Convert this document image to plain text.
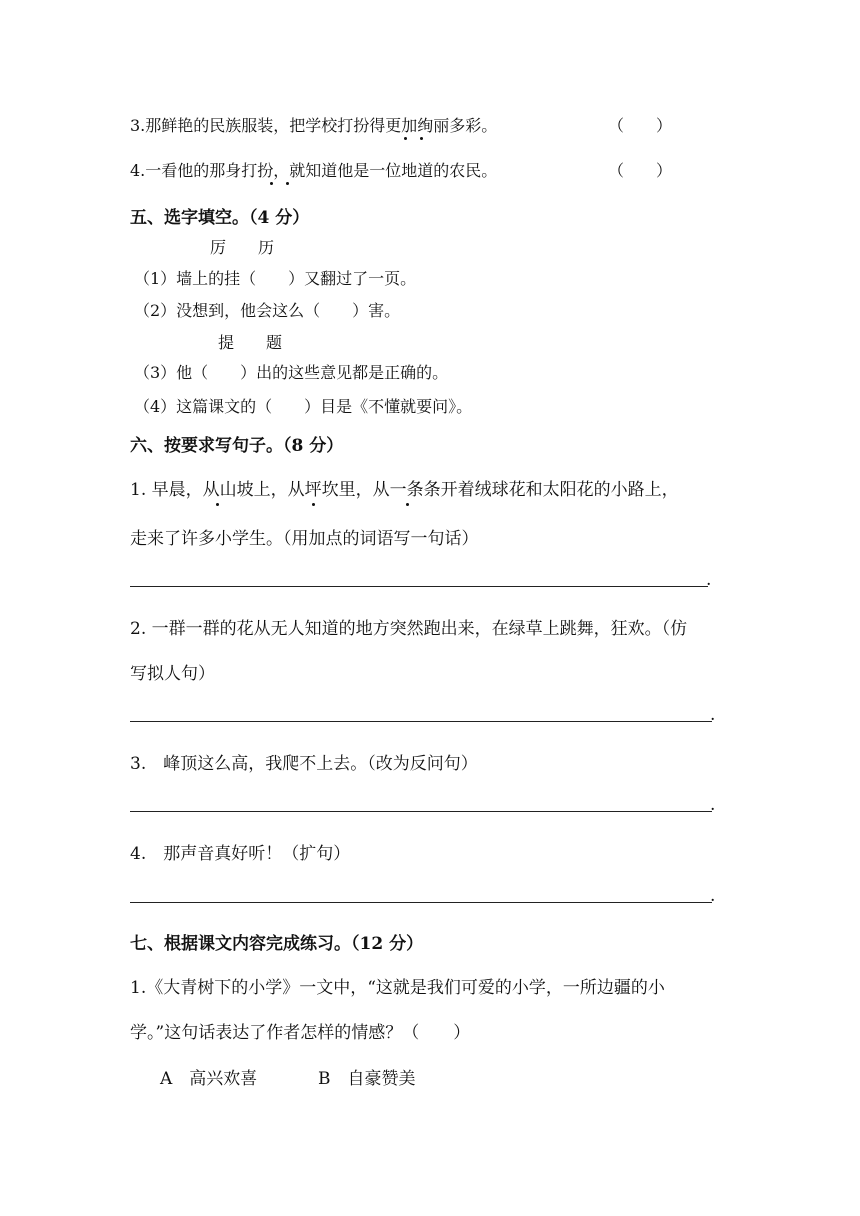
3.那鲜艳的民族服装，把学校打扮得更加绚丽多彩。	（　　）
4.一看他的那身打扮，就知道他是一位地道的农民。	（　　）
五、选字填空。（4 分）
厉　　历
（1）墙上的挂（　　）又翻过了一页。
（2）没想到，他会这么（　　）害。
提　　题
（3）他（　　）出的这些意见都是正确的。
（4）这篇课文的（　　）目是《不懂就要问》。
六、按要求写句子。（8 分）
1. 早晨，从山坡上，从坪坎里，从一条条开着绒球花和太阳花的小路上，
走来了许多小学生。（用加点的词语写一句话）
.
2. 一群一群的花从无人知道的地方突然跑出来，在绿草上跳舞，狂欢。（仿
写拟人句）
.
3.　峰顶这么高，我爬不上去。（改为反问句）
.
4.　那声音真好听！（扩句）
.
七、根据课文内容完成练习。（12 分）
1.《大青树下的小学》一文中，“这就是我们可爱的小学，一所边疆的小
学。”这句话表达了作者怎样的情感？（　　）
A　高兴欢喜	B　自豪赞美
